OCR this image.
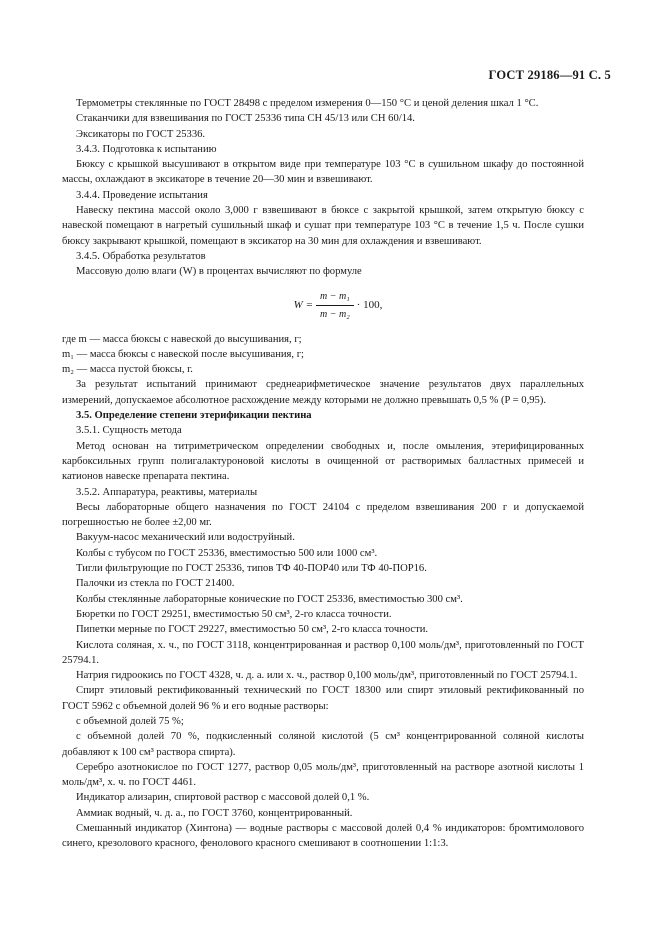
ГОСТ 29186—91 С. 5

Термометры стеклянные по ГОСТ 28498 с пределом измерения 0—150 °С и ценой деления шкал 1 °С.

Стаканчики для взвешивания по ГОСТ 25336 типа СН 45/13 или СН 60/14.

Эксикаторы по ГОСТ 25336.

3.4.3. Подготовка к испытанию

Бюксу с крышкой высушивают в открытом виде при температуре 103 °С в сушильном шкафу до постоянной массы, охлаждают в эксикаторе в течение 20—30 мин и взвешивают.

3.4.4. Проведение испытания

Навеску пектина массой около 3,000 г взвешивают в бюксе с закрытой крышкой, затем открытую бюксу с навеской помещают в нагретый сушильный шкаф и сушат при температуре 103 °С в течение 1,5 ч. После сушки бюксу закрывают крышкой, помещают в эксикатор на 30 мин для охлаждения и взвешивают.

3.4.5. Обработка результатов

Массовую долю влаги (W) в процентах вычисляют по формуле

$W = \frac{\text{m − m₁}}{\text{m − m₂}} \cdot 100$,

где m — масса бюксы с навеской до высушивания, г;

m₁ — масса бюксы с навеской после высушивания, г;

m₂ — масса пустой бюксы, г.

За результат испытаний принимают среднеарифметическое значение результатов двух параллельных измерений, допускаемое абсолютное расхождение между которыми не должно превышать 0,5 % (P = 0,95).

3.5. Определение степени этерификации пектина

3.5.1. Сущность метода

Метод основан на титриметрическом определении свободных и, после омыления, этерифицированных карбоксильных групп полигалактуроновой кислоты в очищенной от растворимых балластных примесей и катионов навеске препарата пектина.

3.5.2. Аппаратура, реактивы, материалы

Весы лабораторные общего назначения по ГОСТ 24104 с пределом взвешивания 200 г и допускаемой погрешностью не более ±2,00 мг.

Вакуум-насос механический или водоструйный.

Колбы с тубусом по ГОСТ 25336, вместимостью 500 или 1000 см³.

Тигли фильтрующие по ГОСТ 25336, типов ТФ 40-ПОР40 или ТФ 40-ПОР16.

Палочки из стекла по ГОСТ 21400.

Колбы стеклянные лабораторные конические по ГОСТ 25336, вместимостью 300 см³.

Бюретки по ГОСТ 29251, вместимостью 50 см³, 2-го класса точности.

Пипетки мерные по ГОСТ 29227, вместимостью 50 см³, 2-го класса точности.

Кислота соляная, х. ч., по ГОСТ 3118, концентрированная и раствор 0,100 моль/дм³, приготовленный по ГОСТ 25794.1.

Натрия гидроокись по ГОСТ 4328, ч. д. а. или х. ч., раствор 0,100 моль/дм³, приготовленный по ГОСТ 25794.1.

Спирт этиловый ректификованный технический по ГОСТ 18300 или спирт этиловый ректификованный по ГОСТ 5962 с объемной долей 96 % и его водные растворы:

с объемной долей 75 %;

с объемной долей 70 %, подкисленный соляной кислотой (5 см³ концентрированной соляной кислоты добавляют к 100 см³ раствора спирта).

Серебро азотнокислое по ГОСТ 1277, раствор 0,05 моль/дм³, приготовленный на растворе азотной кислоты 1 моль/дм³, х. ч. по ГОСТ 4461.

Индикатор ализарин, спиртовой раствор с массовой долей 0,1 %.

Аммиак водный, ч. д. а., по ГОСТ 3760, концентрированный.

Смешанный индикатор (Хинтона) — водные растворы с массовой долей 0,4 % индикаторов: бромтимолового синего, крезолового красного, фенолового красного смешивают в соотношении 1:1:3.
